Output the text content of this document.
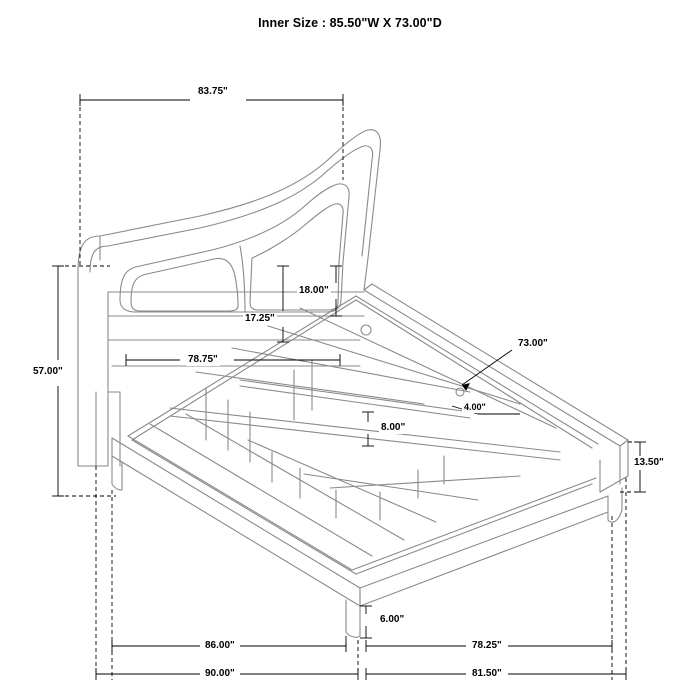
Inner Size : 85.50"W X 73.00"D
83.75"
57.00"
18.00"
17.25"
78.75"
73.00"
4.00"
8.00"
13.50"
6.00"
86.00"	78.25"
90.00"	81.50"
